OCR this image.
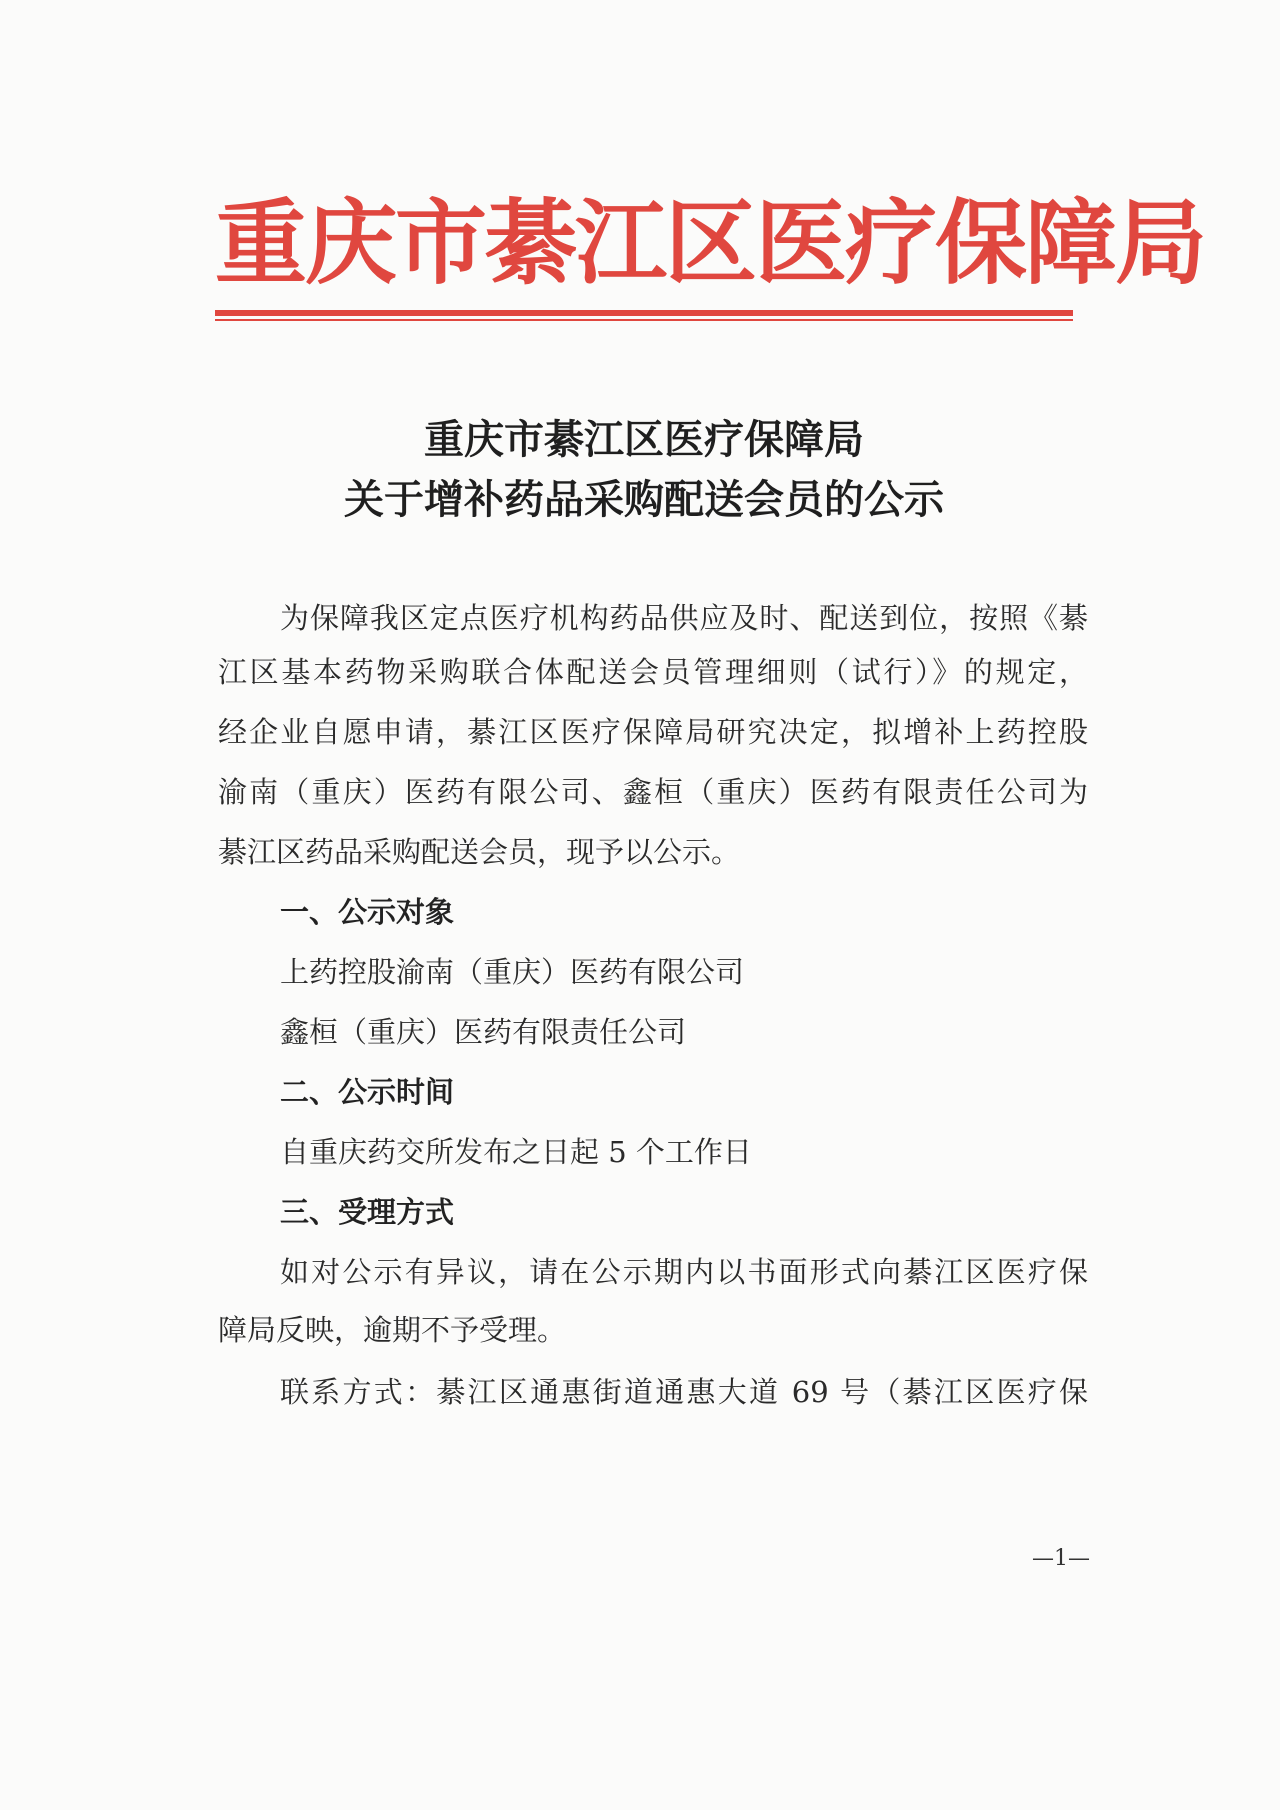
重庆市綦江区医疗保障局
重庆市綦江区医疗保障局
关于增补药品采购配送会员的公示
为保障我区定点医疗机构药品供应及时、配送到位，按照《綦
江区基本药物采购联合体配送会员管理细则（试行）》的规定，
经企业自愿申请，綦江区医疗保障局研究决定，拟增补上药控股
渝南（重庆）医药有限公司、鑫桓（重庆）医药有限责任公司为
綦江区药品采购配送会员，现予以公示。
一、公示对象
上药控股渝南（重庆）医药有限公司
鑫桓（重庆）医药有限责任公司
二、公示时间
自重庆药交所发布之日起 5 个工作日
三、受理方式
如对公示有异议，请在公示期内以书面形式向綦江区医疗保
障局反映，逾期不予受理。
联系方式：綦江区通惠街道通惠大道 69 号（綦江区医疗保
—1—
